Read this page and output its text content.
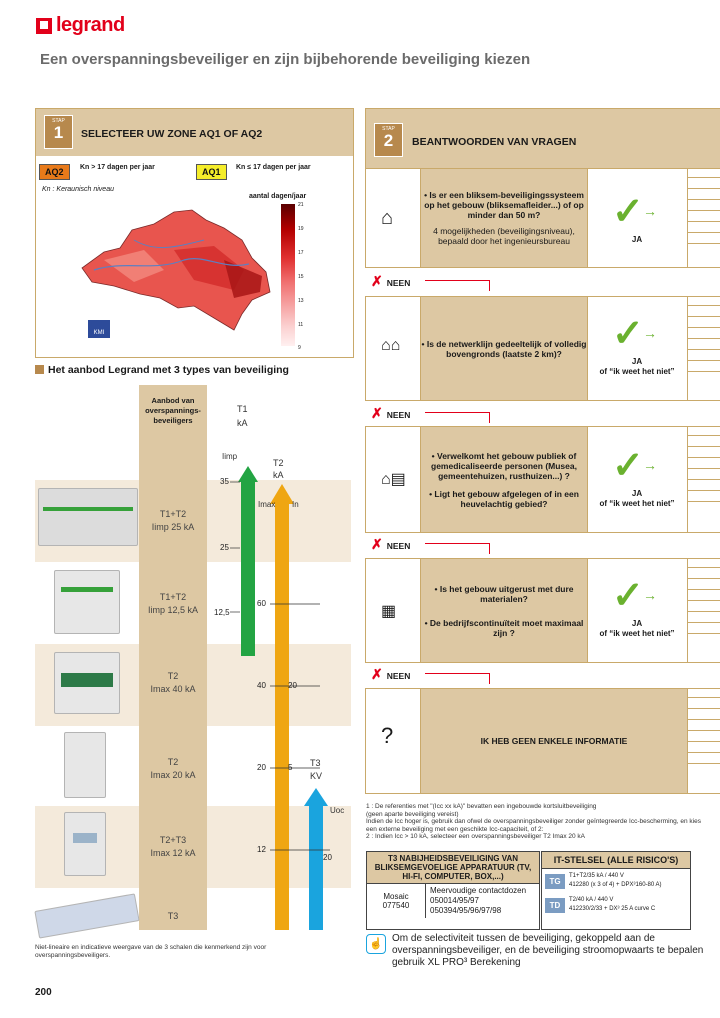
legrand
Een overspanningsbeveiliger en zijn bijbehorende beveiliging kiezen
STAP
1	SELECTEER UW ZONE AQ1 OF AQ2
AQ2	Kn > 17 dagen per jaar	AQ1	Kn ≤ 17 dagen per jaar
Kn : Keraunisch niveau
aantal dagen/jaar
21
19
17
15
13
11
9
KMI
Het aanbod Legrand met 3 types van beveiliging
Aanbod van overspannings-beveiligers
T1+T2
Iimp 25 kA
T1+T2
Iimp 12,5 kA
T2
Imax 40 kA
T2
Imax 20 kA
T2+T3
Imax 12 kA
T3
T1
kA
T2
kA
T3
KV
Iimp
Imax In
Uoc
35
25
12,5
60
40
20
12
20
5
20
Niet-lineaire en indicatieve weergave van de 3 schalen die kenmerkend zijn voor overspanningsbeveiligers.
200
STAP
2	BEANTWOORDEN VAN VRAGEN
⌂
• Is er een bliksem-beveiligingssysteem op het gebouw (bliksemafleider...) of op minder dan 50 m?
4 mogelijkheden (beveiligingsniveau), bepaald door het ingenieursbureau
✓ →
JA
✗ NEEN
⌂⌂ • Is de netwerklijn gedeeltelijk of volledig bovengronds (laatste 2 km)?	✓ →
JA
of “ik weet het niet”
✗ NEEN
⌂▤
• Verwelkomt het gebouw publiek of gemedicaliseerde personen (Musea, gemeentehuizen, rusthuizen...) ?
• Ligt het gebouw afgelegen of in een heuvelachtig gebied?
✓ →
JA
of “ik weet het niet”
✗ NEEN
▦
• Is het gebouw uitgerust met dure materialen?
• De bedrijfscontinuïteit moet maximaal zijn ?
✓ →
JA
of “ik weet het niet”
✗ NEEN
?	IK HEB GEEN ENKELE INFORMATIE
1 : De referenties met "(Icc xx kA)" bevatten een ingebouwde kortsluitbeveiliging
(geen aparte beveiliging vereist)
Indien de Icc hoger is, gebruik dan ofwel de overspanningsbeveiliger zonder geïntegreerde Icc-bescherming, en kies een externe beveiliging met een geschikte Icc-capaciteit, of 2:
2 : Indien Icc > 10 kA, selecteer een overspanningsbeveiliger T2 Imax 20 kA
T3 NABIJHEIDSBEVEILIGING VAN BLIKSEMGEVOELIGE APPARATUUR (TV, HI-FI, COMPUTER, BOX,...)
Mosaic 077540
Meervoudige contactdozen
050014/95/97
050394/95/96/97/98
IT-STELSEL (ALLE RISICO'S)
TG
T1+T2/35 kA / 440 V
412280 (x 3 of 4) + DPX³160-80 A)
TD
T2/40 kA / 440 V
412230/2/33 + DX³ 25 A curve C
☝ Om de selectiviteit tussen de beveiliging, gekoppeld aan de overspanningsbeveiliger, en de beveiliging stroomopwaarts te bepalen gebruik XL PRO³ Berekening
